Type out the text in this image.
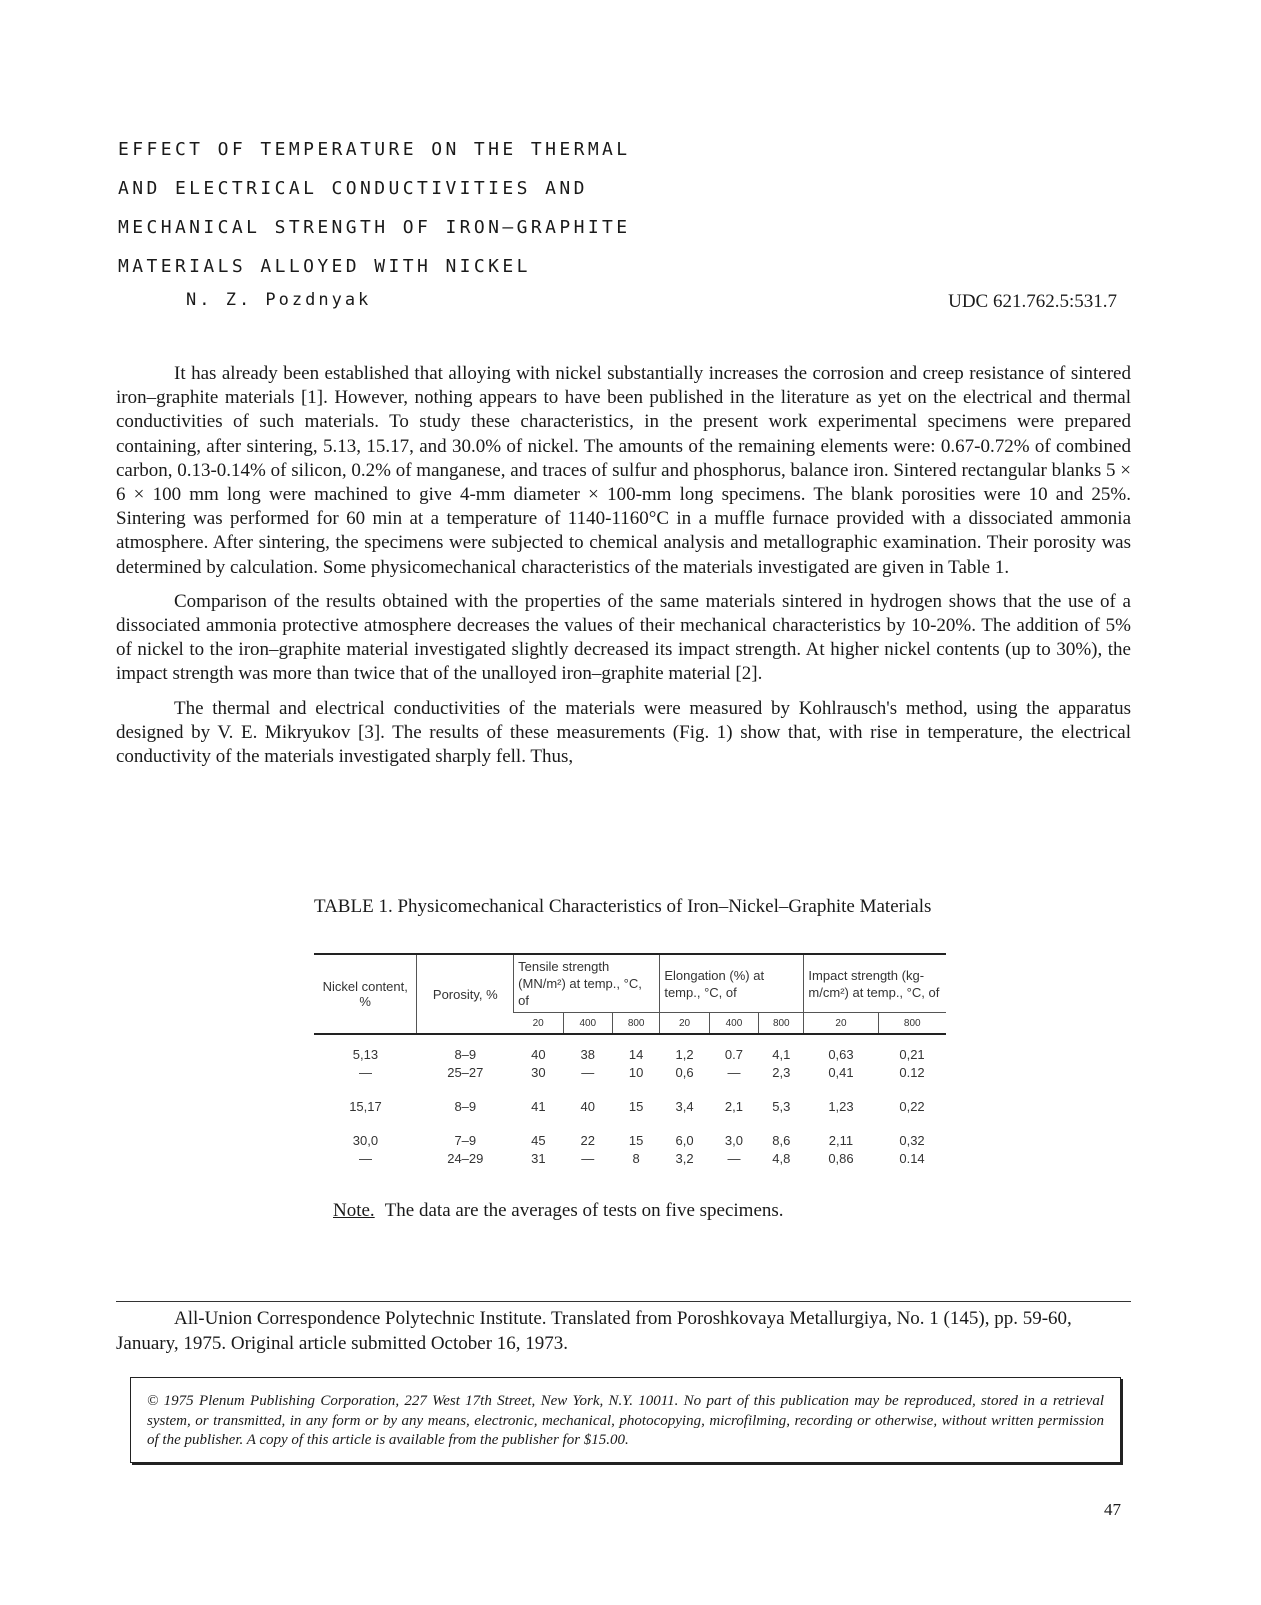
EFFECT OF TEMPERATURE ON THE THERMAL
AND ELECTRICAL CONDUCTIVITIES AND
MECHANICAL STRENGTH OF IRON–GRAPHITE
MATERIALS ALLOYED WITH NICKEL
N. Z. Pozdnyak	UDC 621.762.5:531.7

It has already been established that alloying with nickel substantially increases the corrosion and creep resistance of sintered iron–graphite materials [1]. However, nothing appears to have been published in the literature as yet on the electrical and thermal conductivities of such materials. To study these characteristics, in the present work experimental specimens were prepared containing, after sintering, 5.13, 15.17, and 30.0% of nickel. The amounts of the remaining elements were: 0.67-0.72% of combined carbon, 0.13-0.14% of silicon, 0.2% of manganese, and traces of sulfur and phosphorus, balance iron. Sintered rectangular blanks 5 × 6 × 100 mm long were machined to give 4-mm diameter × 100-mm long specimens. The blank porosities were 10 and 25%. Sintering was performed for 60 min at a temperature of 1140-1160°C in a muffle furnace provided with a dissociated ammonia atmosphere. After sintering, the specimens were subjected to chemical analysis and metallographic examination. Their porosity was determined by calculation. Some physicomechanical characteristics of the materials investigated are given in Table 1.

Comparison of the results obtained with the properties of the same materials sintered in hydrogen shows that the use of a dissociated ammonia protective atmosphere decreases the values of their mechanical characteristics by 10-20%. The addition of 5% of nickel to the iron–graphite material investigated slightly decreased its impact strength. At higher nickel contents (up to 30%), the impact strength was more than twice that of the unalloyed iron–graphite material [2].

The thermal and electrical conductivities of the materials were measured by Kohlrausch's method, using the apparatus designed by V. E. Mikryukov [3]. The results of these measurements (Fig. 1) show that, with rise in temperature, the electrical conductivity of the materials investigated sharply fell. Thus,

TABLE 1. Physicomechanical Characteristics of Iron–Nickel–Graphite Materials
Nickel content, %	Porosity, %	Tensile strength (MN/m²) at temp., °C, of			Elongation (%) at temp., °C, of			Impact strength (kg-m/cm²) at temp., °C, of	
		20	400	800	20	400	800	20	800
5,13	8–9	40	38	14	1,2	0.7	4,1	0,63	0,21
—	25–27	30	—	10	0,6	—	2,3	0,41	0.12

15,17	8–9	41	40	15	3,4	2,1	5,3	1,23	0,22

30,0	7–9	45	22	15	6,0	3,0	8,6	2,11	0,32
—	24–29	31	—	8	3,2	—	4,8	0,86	0.14
Note. The data are the averages of tests on five specimens.
All-Union Correspondence Polytechnic Institute. Translated from Poroshkovaya Metallurgiya, No. 1 (145), pp. 59-60, January, 1975. Original article submitted October 16, 1973.
© 1975 Plenum Publishing Corporation, 227 West 17th Street, New York, N.Y. 10011. No part of this publication may be reproduced, stored in a retrieval system, or transmitted, in any form or by any means, electronic, mechanical, photocopying, microfilming, recording or otherwise, without written permission of the publisher. A copy of this article is available from the publisher for $15.00.
47
